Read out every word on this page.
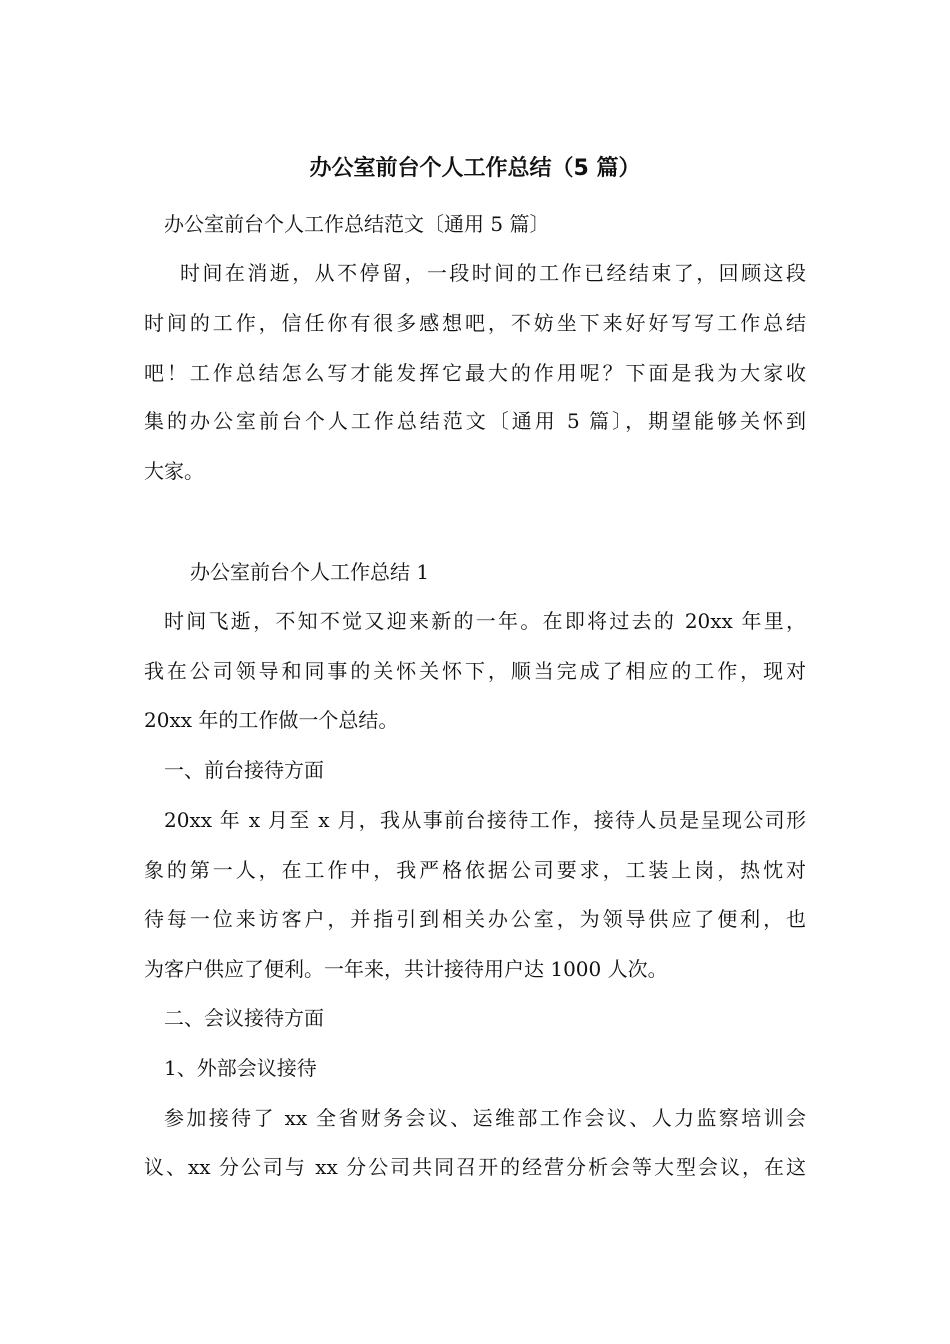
办公室前台个人工作总结（5 篇）
办公室前台个人工作总结范文〔通用 5 篇〕
时间在消逝，从不停留，一段时间的工作已经结束了，回顾这段
时间的工作，信任你有很多感想吧，不妨坐下来好好写写工作总结
吧！工作总结怎么写才能发挥它最大的作用呢？下面是我为大家收
集的办公室前台个人工作总结范文〔通用 5 篇〕，期望能够关怀到
大家。
办公室前台个人工作总结 1
时间飞逝，不知不觉又迎来新的一年。在即将过去的 20xx 年里，
我在公司领导和同事的关怀关怀下，顺当完成了相应的工作，现对
20xx 年的工作做一个总结。
一、前台接待方面
20xx 年 x 月至 x 月，我从事前台接待工作，接待人员是呈现公司形
象的第一人，在工作中，我严格依据公司要求，工装上岗，热忱对
待每一位来访客户，并指引到相关办公室，为领导供应了便利，也
为客户供应了便利。一年来，共计接待用户达 1000 人次。
二、会议接待方面
1、外部会议接待
参加接待了 xx 全省财务会议、运维部工作会议、人力监察培训会
议、xx 分公司与 xx 分公司共同召开的经营分析会等大型会议，在这
